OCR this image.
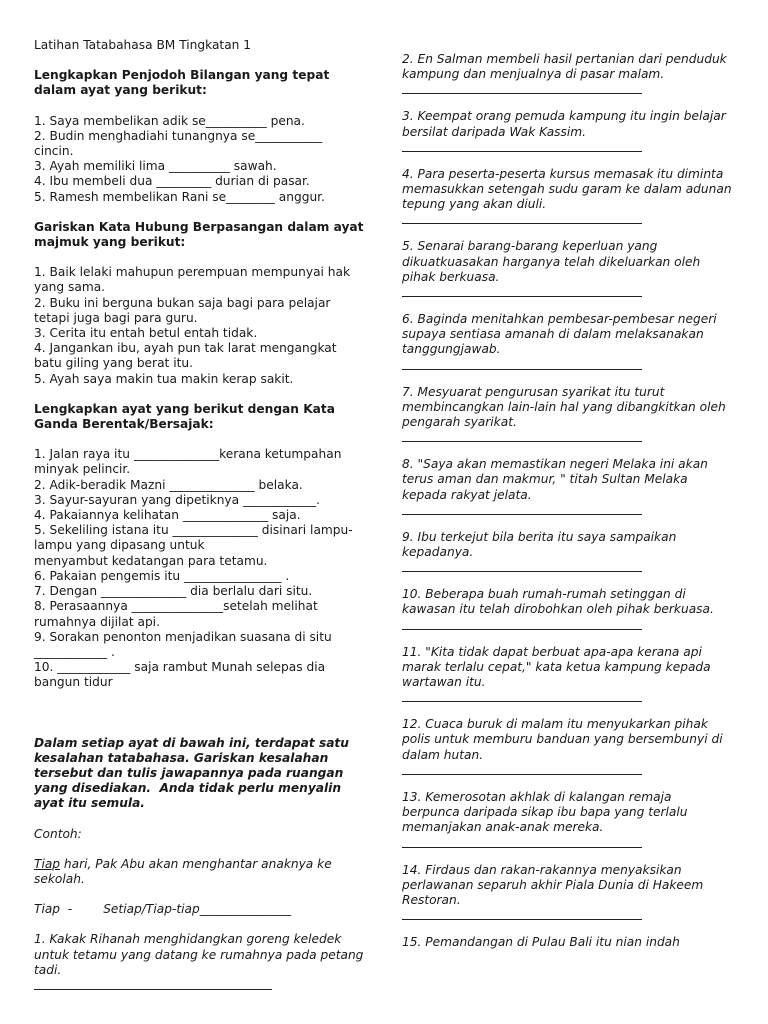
Latihan Tatabahasa BM Tingkatan 1
Lengkapkan Penjodoh Bilangan yang tepat
dalam ayat yang berikut:
1. Saya membelikan adik se__________ pena.
2. Budin menghadiahi tunangnya se___________
cincin.
3. Ayah memiliki lima __________ sawah.
4. Ibu membeli dua _________ durian di pasar.
5. Ramesh membelikan Rani se________ anggur.
Gariskan Kata Hubung Berpasangan dalam ayat
majmuk yang berikut:
1. Baik lelaki mahupun perempuan mempunyai hak
yang sama.
2. Buku ini berguna bukan saja bagi para pelajar
tetapi juga bagi para guru.
3. Cerita itu entah betul entah tidak.
4. Jangankan ibu, ayah pun tak larat mengangkat
batu giling yang berat itu.
5. Ayah saya makin tua makin kerap sakit.
Lengkapkan ayat yang berikut dengan Kata
Ganda Berentak/Bersajak:
1. Jalan raya itu ______________kerana ketumpahan
minyak pelincir.
2. Adik-beradik Mazni ______________ belaka.
3. Sayur-sayuran yang dipetiknya ____________.
4. Pakaiannya kelihatan ______________ saja.
5. Sekeliling istana itu ______________ disinari lampu-
lampu yang dipasang untuk
menyambut kedatangan para tetamu.
6. Pakaian pengemis itu ________________ .
7. Dengan ______________ dia berlalu dari situ.
8. Perasaannya _______________setelah melihat
rumahnya dijilat api.
9. Sorakan penonton menjadikan suasana di situ
____________ .
10. ____________ saja rambut Munah selepas dia
bangun tidur
Dalam setiap ayat di bawah ini, terdapat satu
kesalahan tatabahasa. Gariskan kesalahan
tersebut dan tulis jawapannya pada ruangan
yang disediakan.  Anda tidak perlu menyalin
ayat itu semula.
Contoh:
Tiap hari, Pak Abu akan menghantar anaknya ke
sekolah.
Tiap  -        Setiap/Tiap-tiap_______________
1. Kakak Rihanah menghidangkan goreng keledek
untuk tetamu yang datang ke rumahnya pada petang
tadi.
2. En Salman membeli hasil pertanian dari penduduk
kampung dan menjualnya di pasar malam.
3. Keempat orang pemuda kampung itu ingin belajar
bersilat daripada Wak Kassim.
4. Para peserta-peserta kursus memasak itu diminta
memasukkan setengah sudu garam ke dalam adunan
tepung yang akan diuli.
5. Senarai barang-barang keperluan yang
dikuatkuasakan harganya telah dikeluarkan oleh
pihak berkuasa.
6. Baginda menitahkan pembesar-pembesar negeri
supaya sentiasa amanah di dalam melaksanakan
tanggungjawab.
7. Mesyuarat pengurusan syarikat itu turut
membincangkan lain-lain hal yang dibangkitkan oleh
pengarah syarikat.
8. "Saya akan memastikan negeri Melaka ini akan
terus aman dan makmur, " titah Sultan Melaka
kepada rakyat jelata.
9. Ibu terkejut bila berita itu saya sampaikan
kepadanya.
10. Beberapa buah rumah-rumah setinggan di
kawasan itu telah dirobohkan oleh pihak berkuasa.
11. "Kita tidak dapat berbuat apa-apa kerana api
marak terlalu cepat," kata ketua kampung kepada
wartawan itu.
12. Cuaca buruk di malam itu menyukarkan pihak
polis untuk memburu banduan yang bersembunyi di
dalam hutan.
13. Kemerosotan akhlak di kalangan remaja
berpunca daripada sikap ibu bapa yang terlalu
memanjakan anak-anak mereka.
14. Firdaus dan rakan-rakannya menyaksikan
perlawanan separuh akhir Piala Dunia di Hakeem
Restoran.
15. Pemandangan di Pulau Bali itu nian indah
